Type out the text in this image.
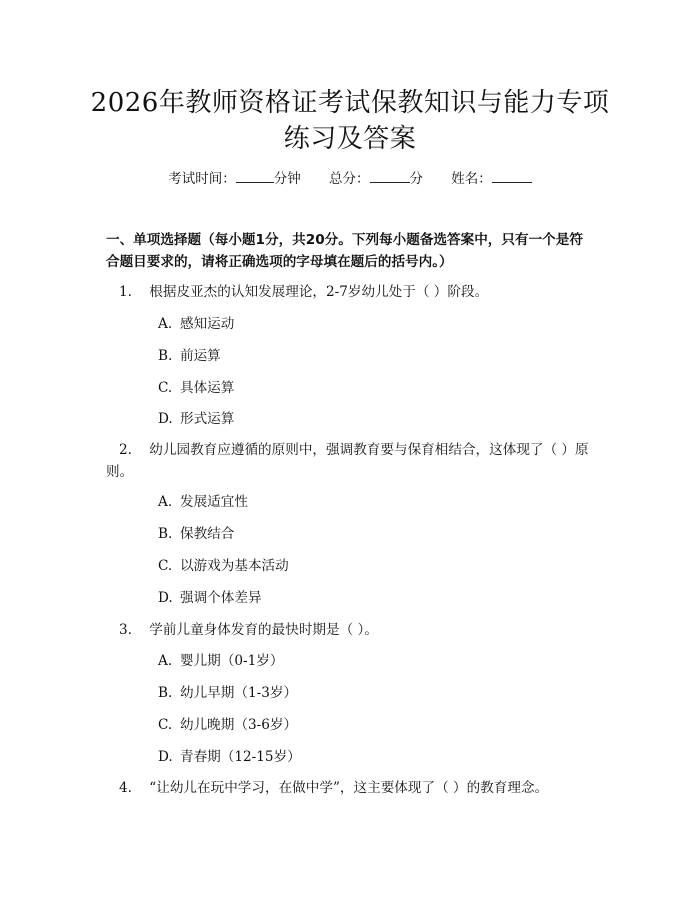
2026年教师资格证考试保教知识与能力专项
练习及答案
考试时间：	分钟 总分：	分 姓名：
一、单项选择题（每小题1分，共20分。下列每小题备选答案中，只有一个是符合题目要求的，请将正确选项的字母填在题后的括号内。）
1. 根据皮亚杰的认知发展理论，2-7岁幼儿处于（ ）阶段。
A. 感知运动
B. 前运算
C. 具体运算
D. 形式运算
2. 幼儿园教育应遵循的原则中，强调教育要与保育相结合，这体现了（ ）原则。
A. 发展适宜性
B. 保教结合
C. 以游戏为基本活动
D. 强调个体差异
3. 学前儿童身体发育的最快时期是（ ）。
A. 婴儿期（0-1岁）
B. 幼儿早期（1-3岁）
C. 幼儿晚期（3-6岁）
D. 青春期（12-15岁）
4. “让幼儿在玩中学习，在做中学”，这主要体现了（ ）的教育理念。
